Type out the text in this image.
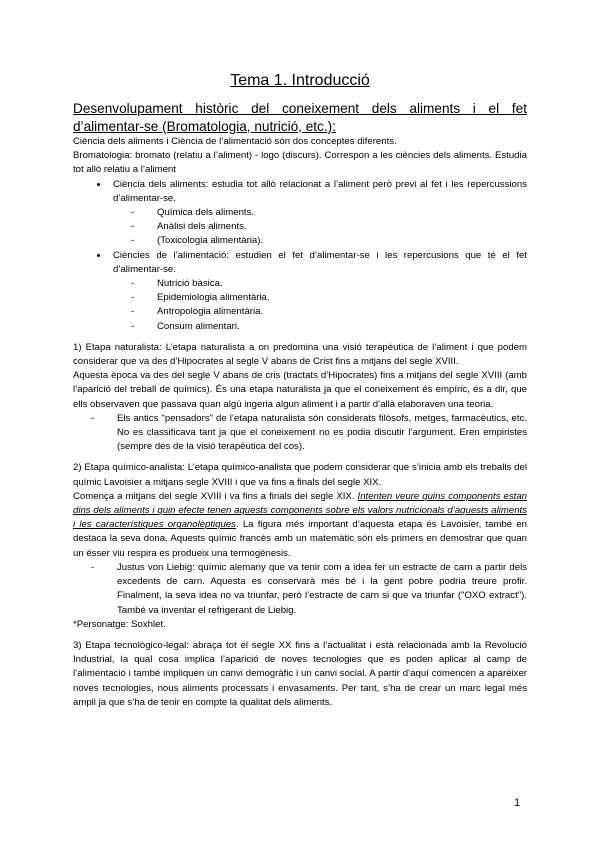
Tema 1. Introducció

Desenvolupament històric del coneixement dels aliments i el fet d’alimentar-se (Bromatologia, nutrició, etc.):

Ciència dels aliments i Ciència de l’alimentació són dos conceptes diferents.

Bromatologia: bromato (relatiu a l’aliment) - logo (discurs). Correspon a les ciències dels aliments. Estudia tot allò relatiu a l’aliment

• Ciència dels aliments: estudia tot allò relacionat a l’aliment però previ al fet i les repercussions d’alimentar-se.
- Química dels aliments.
- Anàlisi dels aliments.
- (Toxicologia alimentària).
• Ciències de l’alimentació: estudien el fet d’alimentar-se i les repercusions que té el fet d’alimentar-se.
- Nutrició bàsica.
- Epidemiologia alimentària.
- Antropologia alimentària.
- Consum alimentari.

1) Etapa naturalista: L’etapa naturalista a on predomina una visió terapèutica de l’aliment i que podem considerar que va des d’Hipocrates al segle V abans de Crist fins a mitjans del segle XVIII.

Aquesta època va des del segle V abans de cris (tractats d’Hipocrates) fins a mitjans del segle XVIII (amb l’aparició del treball de químics). És una etapa naturalista ja que el coneixement és empíric, és a dir, que ells observaven que passava quan algú ingeria algun aliment i a partir d’allà elaboraven una teoria.

- Els antics "pensadors" de l’etapa naturalista són considerats filòsofs, metges, farmacèutics, etc. No es classificava tant ja que el coneixement no es podia discutir l’argument. Eren empiristes (sempre des de la visió terapèutica del cos).

2) Etapa químico-analista: L’etapa químico-analista que podem considerar que s’inicia amb els treballs del químic Lavoisier a mitjans segle XVIII i que va fins a finals del segle XIX.

Comença a mitjans del segle XVIII i va fins a finals del segle XIX. Intenten veure quins components estan dins dels aliments i quin efecte tenen aquests components sobre els valors nutricionals d’aquests aliments i les característiques organolèptiques. La figura més important d’aquesta etapa és Lavoisier, també en destaca la seva dona. Aquests químic francès amb un matemàtic són els primers en demostrar que quan un ésser viu respira es produeix una termogènesis.

- Justus von Liebig: químic alemany que va tenir com a idea fer un estracte de carn a partir dels excedents de carn. Aquesta es conservarà més bé i la gent pobre podria treure profir. Finalment, la seva idea no va triunfar, però l’estracte de carn si que va triunfar ("OXO extract"). També va inventar el refrigerant de Liebig.

*Personatge: Soxhlet.

3) Etapa tecnològico-legal: abraça tot el segle XX fins a l’actualitat i està relacionada amb la Revolució Industrial, la qual cosa implica l’aparició de noves tecnologies que es poden aplicar al camp de l’alimentació i també impliquen un canvi demogràfic i un canvi social. A partir d’aquí comencen a aparèixer noves tecnologies, nous aliments processats i envasaments. Per tant, s’ha de crear un marc legal més ampli ja que s’ha de tenir en compte la qualitat dels aliments.

1
